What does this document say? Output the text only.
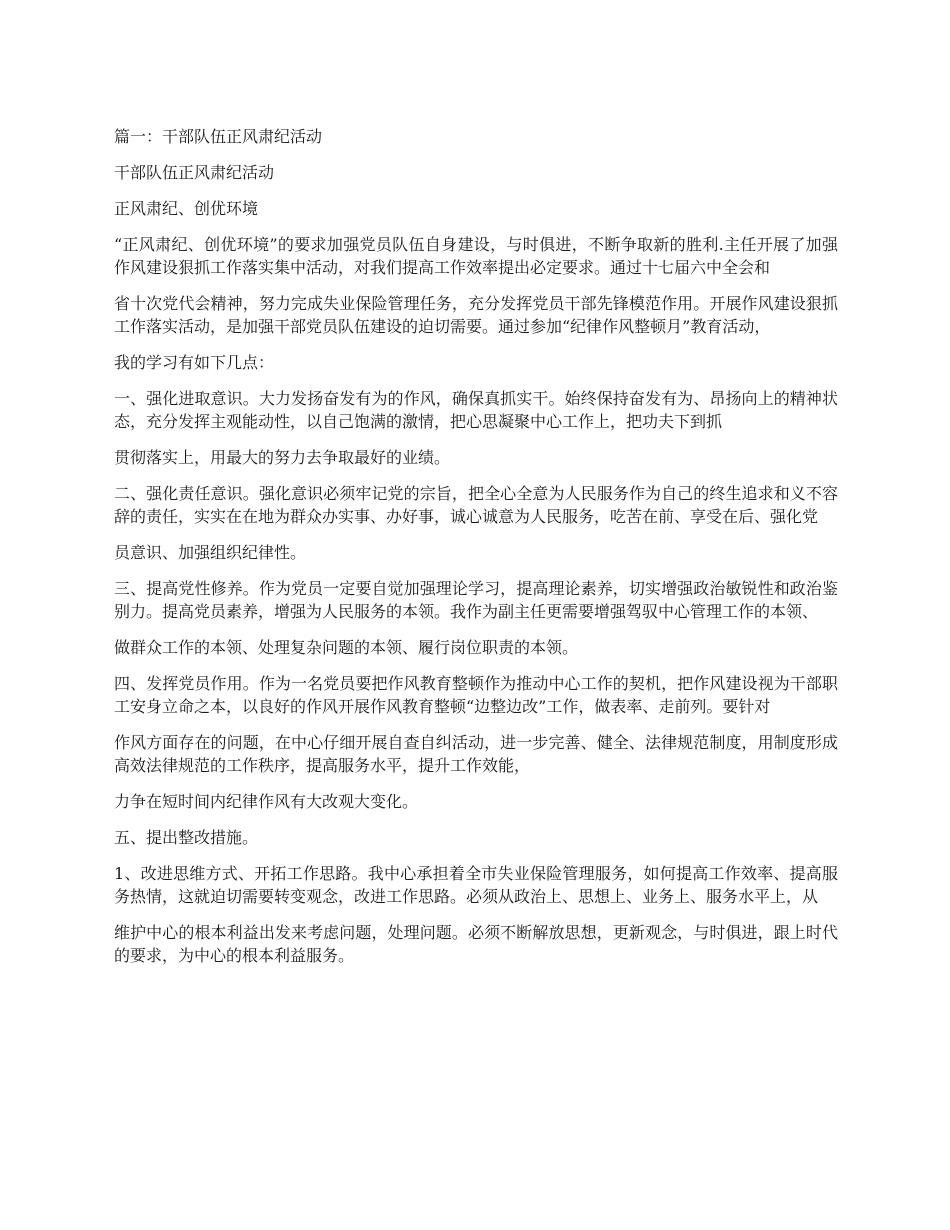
篇一：干部队伍正风肃纪活动

干部队伍正风肃纪活动

正风肃纪、创优环境

“正风肃纪、创优环境”的要求加强党员队伍自身建设，与时俱进，不断争取新的胜利.主任开展了加强作风建设狠抓工作落实集中活动，对我们提高工作效率提出必定要求。通过十七届六中全会和

省十次党代会精神，努力完成失业保险管理任务，充分发挥党员干部先锋模范作用。开展作风建设狠抓工作落实活动，是加强干部党员队伍建设的迫切需要。通过参加“纪律作风整顿月”教育活动，

我的学习有如下几点：

一、强化进取意识。大力发扬奋发有为的作风，确保真抓实干。始终保持奋发有为、昂扬向上的精神状态，充分发挥主观能动性，以自己饱满的激情，把心思凝聚中心工作上，把功夫下到抓

贯彻落实上，用最大的努力去争取最好的业绩。

二、强化责任意识。强化意识必须牢记党的宗旨，把全心全意为人民服务作为自己的终生追求和义不容辞的责任，实实在在地为群众办实事、办好事，诚心诚意为人民服务，吃苦在前、享受在后、强化党

员意识、加强组织纪律性。

三、提高党性修养。作为党员一定要自觉加强理论学习，提高理论素养，切实增强政治敏锐性和政治鉴别力。提高党员素养，增强为人民服务的本领。我作为副主任更需要增强驾驭中心管理工作的本领、

做群众工作的本领、处理复杂问题的本领、履行岗位职责的本领。

四、发挥党员作用。作为一名党员要把作风教育整顿作为推动中心工作的契机，把作风建设视为干部职工安身立命之本，以良好的作风开展作风教育整顿“边整边改”工作，做表率、走前列。要针对

作风方面存在的问题，在中心仔细开展自查自纠活动，进一步完善、健全、法律规范制度，用制度形成高效法律规范的工作秩序，提高服务水平，提升工作效能，

力争在短时间内纪律作风有大改观大变化。

五、提出整改措施。

1、改进思维方式、开拓工作思路。我中心承担着全市失业保险管理服务，如何提高工作效率、提高服务热情，这就迫切需要转变观念，改进工作思路。必须从政治上、思想上、业务上、服务水平上，从

维护中心的根本利益出发来考虑问题，处理问题。必须不断解放思想，更新观念，与时俱进，跟上时代的要求，为中心的根本利益服务。
